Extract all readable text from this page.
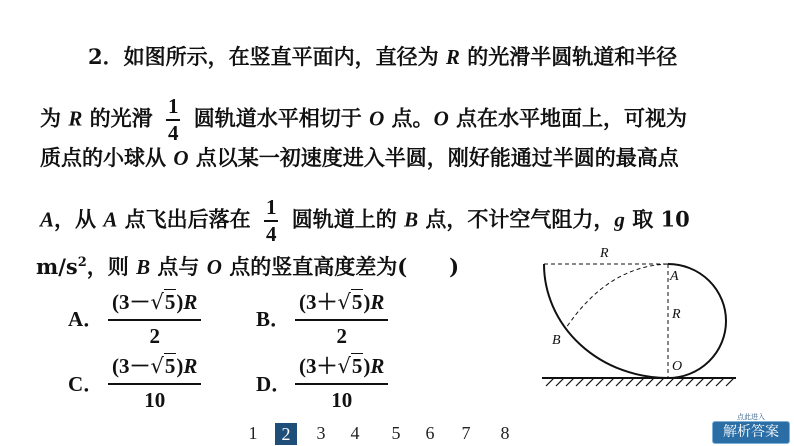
2．如图所示，在竖直平面内，直径为 R 的光滑半圆轨道和半径
为 R 的光滑 $\frac{1}{4}$ 圆轨道水平相切于 O 点。O 点在水平地面上，可视为
质点的小球从 O 点以某一初速度进入半圆，刚好能通过半圆的最高点
A，从 A 点飞出后落在 $\frac{1}{4}$ 圆轨道上的 B 点，不计空气阻力，g 取 10
$m/s^2$，则 B 点与 O 点的竖直高度差为(　　)
A．
(3－√5)R
2
B．
(3＋√5)R
2
C．
(3－√5)R
10
D．
(3＋√5)R
10
R
A
R
B
O
1	2	3	4	5	6	7	8
点此进入
解析答案
